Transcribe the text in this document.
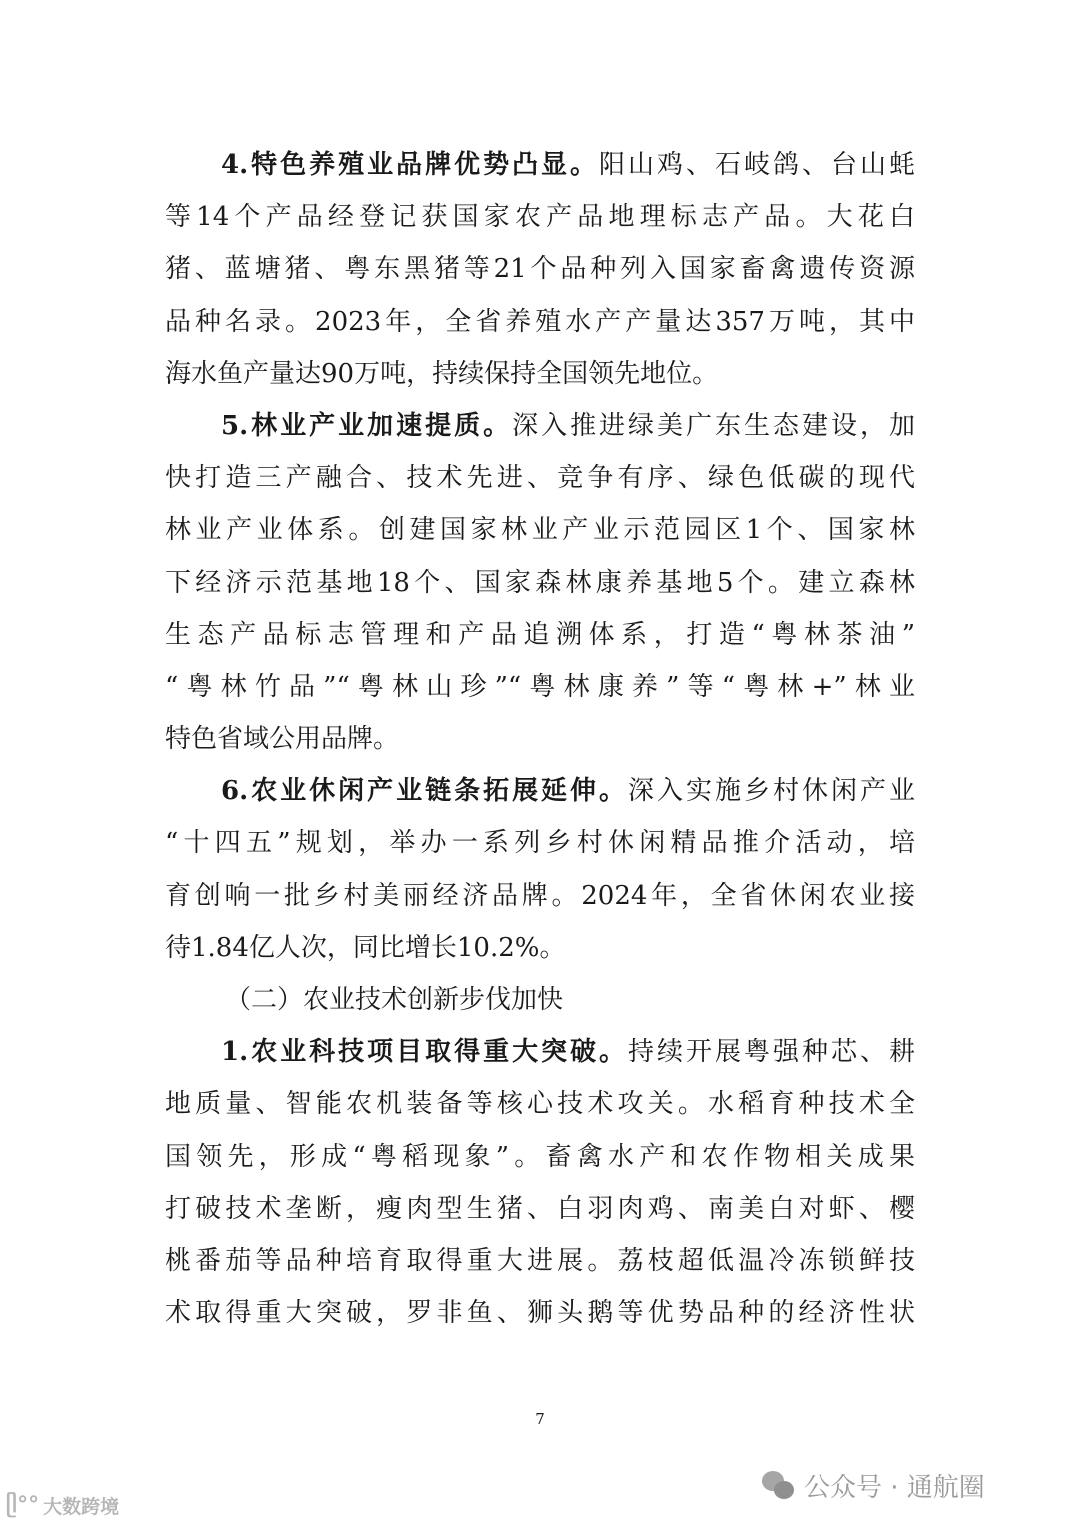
4.特色养殖业品牌优势凸显。阳山鸡、石岐鸽、台山蚝
等14个产品经登记获国家农产品地理标志产品。大花白
猪、蓝塘猪、粤东黑猪等21个品种列入国家畜禽遗传资源
品种名录。2023年，全省养殖水产产量达357万吨，其中
海水鱼产量达90万吨，持续保持全国领先地位。
5.林业产业加速提质。深入推进绿美广东生态建设，加
快打造三产融合、技术先进、竞争有序、绿色低碳的现代
林业产业体系。创建国家林业产业示范园区1个、国家林
下经济示范基地18个、国家森林康养基地5个。建立森林
生态产品标志管理和产品追溯体系，打造“粤林茶油”
“粤林竹品”“粤林山珍”“粤林康养”等“粤林+”林业
特色省域公用品牌。
6.农业休闲产业链条拓展延伸。深入实施乡村休闲产业
“十四五”规划，举办一系列乡村休闲精品推介活动，培
育创响一批乡村美丽经济品牌。2024年，全省休闲农业接
待1.84亿人次，同比增长10.2%。
（二）农业技术创新步伐加快
1.农业科技项目取得重大突破。持续开展粤强种芯、耕
地质量、智能农机装备等核心技术攻关。水稻育种技术全
国领先，形成“粤稻现象”。畜禽水产和农作物相关成果
打破技术垄断，瘦肉型生猪、白羽肉鸡、南美白对虾、樱
桃番茄等品种培育取得重大进展。荔枝超低温冷冻锁鲜技
术取得重大突破，罗非鱼、狮头鹅等优势品种的经济性状
7
ᥫ°° 大数跨境
公众号 · 通航圈
